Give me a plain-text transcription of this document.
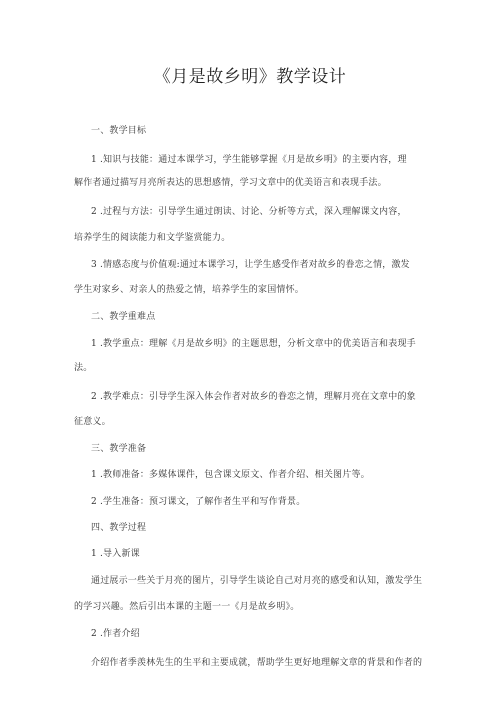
《月是故乡明》教学设计
一、教学目标
1 .知识与技能：通过本课学习，学生能够掌握《月是故乡明》的主要内容，理
解作者通过描写月亮所表达的思想感情，学习文章中的优美语言和表现手法。
2 .过程与方法：引导学生通过朗读、讨论、分析等方式，深入理解课文内容，
培养学生的阅读能力和文学鉴赏能力。
3 .情感态度与价值观:通过本课学习，让学生感受作者对故乡的眷恋之情，激发
学生对家乡、对亲人的热爱之情，培养学生的家国情怀。
二、教学重难点
1 .教学重点：理解《月是故乡明》的主题思想，分析文章中的优美语言和表现手
法。
2 .教学难点：引导学生深入体会作者对故乡的眷恋之情，理解月亮在文章中的象
征意义。
三、教学准备
1 .教师准备：多媒体课件，包含课文原文、作者介绍、相关图片等。
2 .学生准备：预习课文，了解作者生平和写作背景。
四、教学过程
1 .导入新课
通过展示一些关于月亮的图片，引导学生谈论自己对月亮的感受和认知，激发学生
的学习兴趣。然后引出本课的主题一一《月是故乡明》。
2 .作者介绍
介绍作者季羡林先生的生平和主要成就，帮助学生更好地理解文章的背景和作者的
